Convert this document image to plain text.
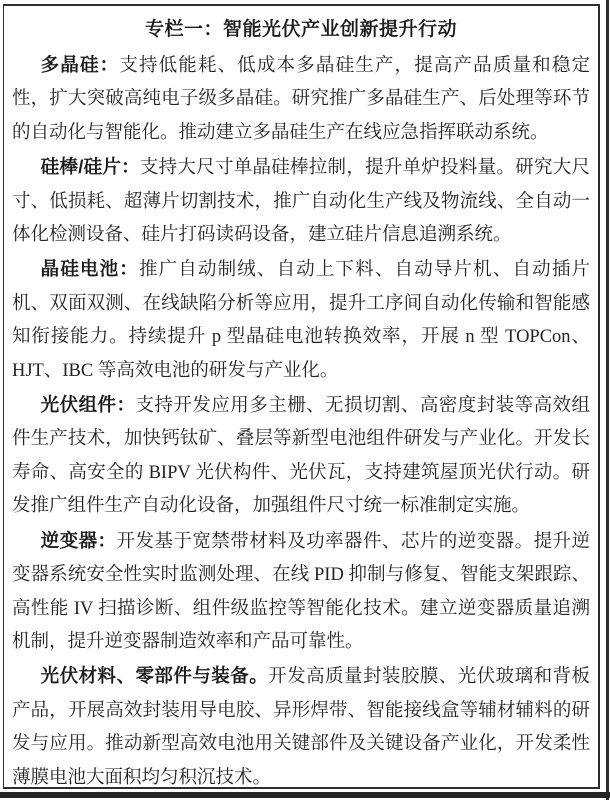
专栏一：智能光伏产业创新提升行动

多晶硅：支持低能耗、低成本多晶硅生产，提高产品质量和稳定性，扩大突破高纯电子级多晶硅。研究推广多晶硅生产、后处理等环节的自动化与智能化。推动建立多晶硅生产在线应急指挥联动系统。

硅棒/硅片：支持大尺寸单晶硅棒拉制，提升单炉投料量。研究大尺寸、低损耗、超薄片切割技术，推广自动化生产线及物流线、全自动一体化检测设备、硅片打码读码设备，建立硅片信息追溯系统。

晶硅电池：推广自动制绒、自动上下料、自动导片机、自动插片机、双面双测、在线缺陷分析等应用，提升工序间自动化传输和智能感知衔接能力。持续提升 p 型晶硅电池转换效率，开展 n 型 TOPCon、HJT、IBC 等高效电池的研发与产业化。

光伏组件：支持开发应用多主栅、无损切割、高密度封装等高效组件生产技术，加快钙钛矿、叠层等新型电池组件研发与产业化。开发长寿命、高安全的 BIPV 光伏构件、光伏瓦，支持建筑屋顶光伏行动。研发推广组件生产自动化设备，加强组件尺寸统一标准制定实施。

逆变器：开发基于宽禁带材料及功率器件、芯片的逆变器。提升逆变器系统安全性实时监测处理、在线 PID 抑制与修复、智能支架跟踪、高性能 IV 扫描诊断、组件级监控等智能化技术。建立逆变器质量追溯机制，提升逆变器制造效率和产品可靠性。

光伏材料、零部件与装备。开发高质量封装胶膜、光伏玻璃和背板产品，开展高效封装用导电胶、异形焊带、智能接线盒等辅材辅料的研发与应用。推动新型高效电池用关键部件及关键设备产业化，开发柔性薄膜电池大面积均匀积沉技术。
